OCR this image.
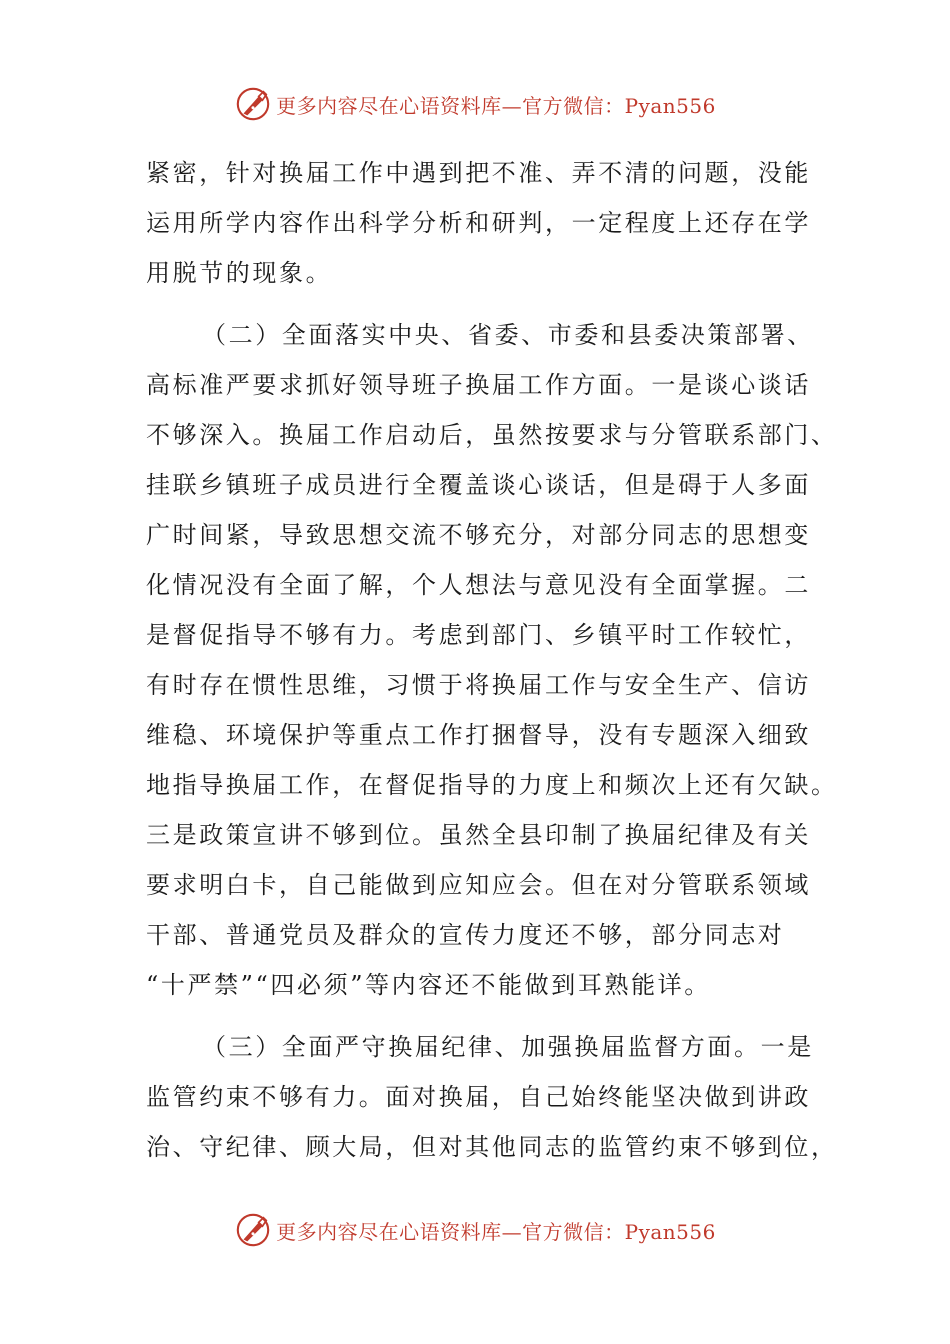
更多内容尽在心语资料库—官方微信：Pyan556
紧密，针对换届工作中遇到把不准、弄不清的问题，没能
运用所学内容作出科学分析和研判，一定程度上还存在学
用脱节的现象。
（二）全面落实中央、省委、市委和县委决策部署、
高标准严要求抓好领导班子换届工作方面。一是谈心谈话
不够深入。换届工作启动后，虽然按要求与分管联系部门、
挂联乡镇班子成员进行全覆盖谈心谈话，但是碍于人多面
广时间紧，导致思想交流不够充分，对部分同志的思想变
化情况没有全面了解，个人想法与意见没有全面掌握。二
是督促指导不够有力。考虑到部门、乡镇平时工作较忙，
有时存在惯性思维，习惯于将换届工作与安全生产、信访
维稳、环境保护等重点工作打捆督导，没有专题深入细致
地指导换届工作，在督促指导的力度上和频次上还有欠缺。
三是政策宣讲不够到位。虽然全县印制了换届纪律及有关
要求明白卡，自己能做到应知应会。但在对分管联系领域
干部、普通党员及群众的宣传力度还不够，部分同志对
“十严禁”“四必须”等内容还不能做到耳熟能详。
（三）全面严守换届纪律、加强换届监督方面。一是
监管约束不够有力。面对换届，自己始终能坚决做到讲政
治、守纪律、顾大局，但对其他同志的监管约束不够到位，
更多内容尽在心语资料库—官方微信：Pyan556
